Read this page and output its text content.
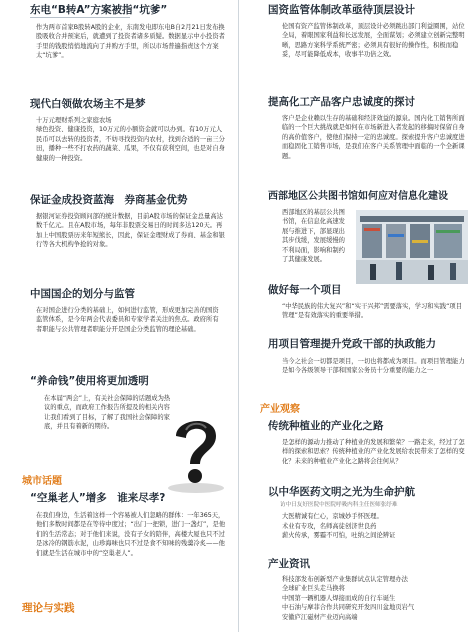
东电“B转A”方案被指“坑爹”
作为两市首家B股转A股的企业，东南发电即东电B自2月21日发布换股吸收合并预案后，就遭到了投资者诸多质疑。数据显示中小投资者手里的钱股悄悄地流向了并购方手里，所以市场普遍指责这个方案太“坑爹”。
现代白领做农场主不是梦
十万元理财系列之家庭农场
绿色投资、健康投资，10万元的小额资金就可以办到。有10万元人民币可以去转的投资者，不妨寻找投资内农村，找到合适的一亩三分田，播种一些不打农药的蔬菜、瓜果，不仅有获利空间，也是对自身健康的一种投资。
保证金成投资蓝海　券商基金优势
据银河证券投资顾问部的统计数据，目前A股市场的保证金总量高达数千亿元。且在A股市场，每年非股票交易日的时间多达120天。再加上中国股票历来年短熊长，因此，保证金理财成了券商、基金和银行等各大机构争抢的对象。
中国国企的划分与监管
在对国企进行分类的基础上，如何进行监管，形成更加完善的国资监管体系，是今年两会代表委员和专家学者关注的焦点。政府所有者职能与公共管理者职能分开是国企分类监管的理论基础。
“养命钱”使用将更加透明
在本届“两会”上，有关社会保障的话题成为热议的重点，而政府工作报告所提及的相关内容让我们看到了目标，了解了我国社会保障的家底，并且有着新的期待。
城市话题
“空巢老人”增多　谁来尽孝?
在我们身边，生活着这样一个容易被人们忽略的群体：一年365天，他们多数时间都是在等待中度过；“出门一把锁，进门一盏灯”，是他们的生活常态；对于他们来说，没有子女的陪伴，高楼大厦也只不过是冰冷的钢筋水泥，山珍海味也只不过是食不知味的残羹冷炙——他们就是生活在城市中的“空巢老人”。
理论与实践
国资监管体制改革亟待顶层设计
伦国有资产监管体制改革，顶层设计必须跳出部门利益圈围，站位全局，着眼国家利益和长远发展，全面谋划；必须建立创新完整明晰，思路方案科学系统严密；必须具有很好的操作性，积极而稳妥，尽可能降低成本，收事半功倍之效。
提高化工产品客户忠诚度的探讨
客户是企业赖以生存的基础和经济效益的源泉。国内化工销售所面临的一个巨大挑战就是如何在市场新进入者发起的移搞时保留自身的高价值客户，使他们保持一定的忠诚度。探索提升客户忠诚度进而稳固化工销售市场，是我们在客户关系管理中面临的一个全新课题。
西部地区公共图书馆如何应对信息化建设
西部地区的基层公共图书馆，在信息化高速发展与推进下，部显现出其步伐缓，发展缓慢的不利局面，影响和制约了其健康发展。
做好每一个项目
“中华民族的伟大复兴”和“实干兴邦”需要落实，学习和实践“项目管理”是有效落实的重要举措。
用项目管理提升党政干部的执政能力
当今之社会一切都是项目，一切也将都成为项目。而项目管理能力是如今各级领导干部和国家公务员十分重要的能力之一
产业观察
传统种植业的产业化之路
是怎样的源动力推动了种植业的发展和繁荣？一路走来，经过了怎样的探索和思索？传统种植业的产业化发展给农民带来了怎样的变化？未来的种植业产业化之路将会往何从？
以中华医药文明之光为生命护航
访中日友好医院中医院呼吸内科主任医师张纾难
大医精诚有仁心，京城妙手怀医理。
术业有专攻，名师高徒创济世良药
薪火传承，雾霾不可怕，吐纳之间论辨证
产业资讯
科技部发布创新型产业集群试点认定管理办法
全球矿业巨头走马换将
中国第一辆机器人焊接而成的自行车诞生
中石油与摩菲合作共同研究开发四川盆地页岩气
安徽庐江磁材产业迈向高端
